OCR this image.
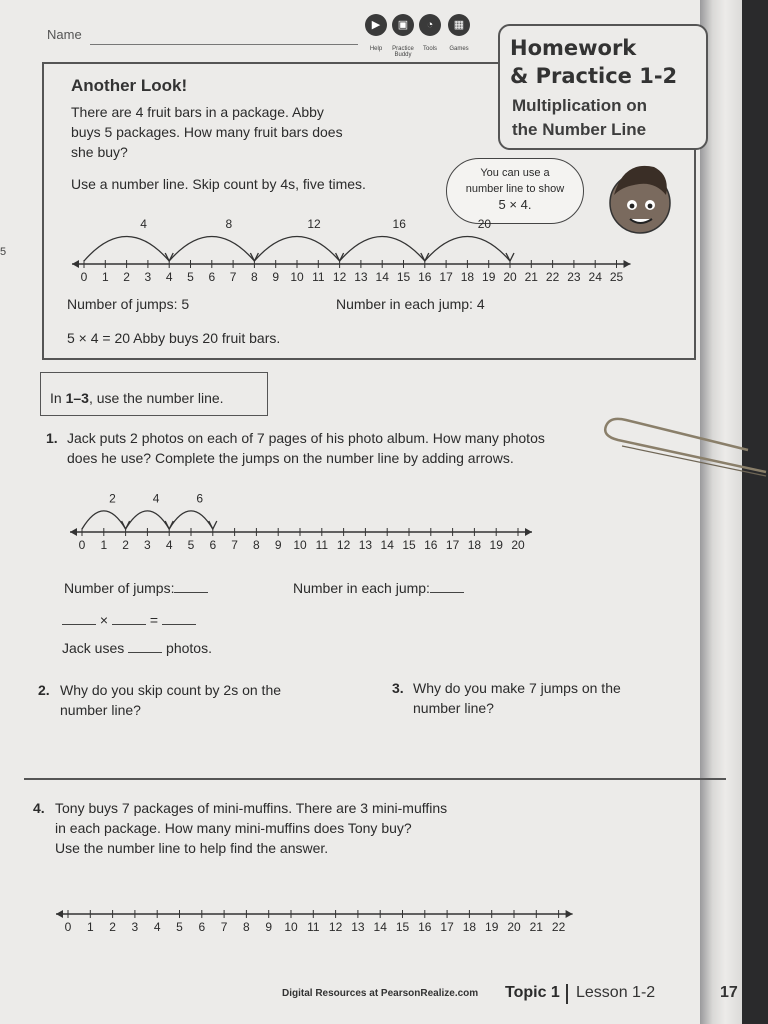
5
Name
▶	▣	◔	▦
Help	Practice Buddy
Tools	Games Homework
& Practice 1-2
Multiplication on
the Number Line
Another Look!
There are 4 fruit bars in a package. Abby
buys 5 packages. How many fruit bars does
she buy?
Use a number line. Skip count by 4s, five times.
You can use a
number line to show
5 × 4.
0 1 2 3 4 5 6 7 8 9 10 11 12 13 14 15 16 17 18 19 20 21 22 23 24 25
4	8	12	16	20
Number of jumps: 5	Number in each jump: 4
5 × 4 = 20 Abby buys 20 fruit bars.
In 1–3, use the number line.
1. Jack puts 2 photos on each of 7 pages of his photo album. How many photos
does he use? Complete the jumps on the number line by adding arrows.
0 1 2 3 4 5 6 7 8 9 10 11 12 13 14 15 16 17 18 19 20
2	4	6
Number of jumps:	Number in each jump:
×	=
Jack uses	photos.
2. Why do you skip count by 2s on the
number line?
3. Why do you make 7 jumps on the
number line?
4. Tony buys 7 packages of mini-muffins. There are 3 mini-muffins
in each package. How many mini-muffins does Tony buy?
Use the number line to help find the answer.
0 1 2 3 4 5 6 7 8 9 10 11 12 13 14 15 16 17 18 19 20 21 22
Digital Resources at PearsonRealize.com Topic 1 Lesson 1-2	17
